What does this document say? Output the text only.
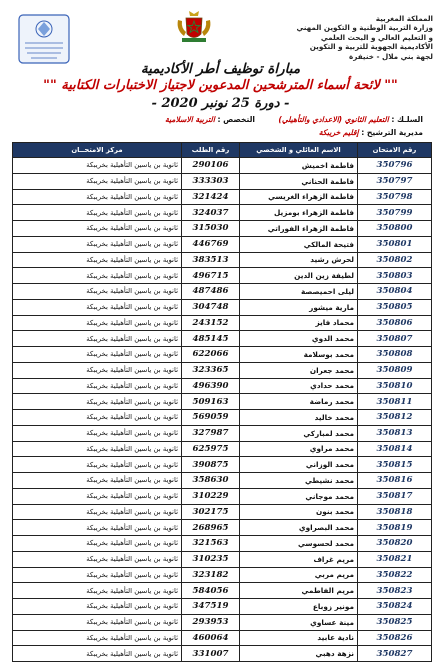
المملكة المغربية
وزارة التربية الوطنية و التكوين المهني
و التعليم العالي و البحث العلمي
الأكاديمية الجهوية للتربية و التكوين
لجهة بني ملال - خنيفرة
مباراة توظيف أطر الأكاديمية
"" لائحة أسماء المترشحين المدعوين لاجتياز الاختبارات الكتابية ""
- دورة 25 نونبر 2020 -
السلـك : التعليم الثانوي (الاعدادي والتأهيلي)  التخصص : التربية الاسلامية
مديرية الترشيح : إقليم خريبكة
رقم الامتحان	الاسم العائلي و الشخصي	رقم الطلب	مركز الامتحــان
350796	فاطمة اخميش	290106	ثانوية بن ياسين التأهيلية بخريبكة
350797	فاطمة الحناني	333303	ثانوية بن ياسين التأهيلية بخريبكة
350798	فاطمة الزهراء الغريسي	321424	ثانوية بن ياسين التأهيلية بخريبكة
350799	فاطمة الزهراء بومزيل	324037	ثانوية بن ياسين التأهيلية بخريبكة
350800	فاطمة الزهراء الفوراتي	315030	ثانوية بن ياسين التأهيلية بخريبكة
350801	فتيحة المالكي	446769	ثانوية بن ياسين التأهيلية بخريبكة
350802	لحرش رشيد	383513	ثانوية بن ياسين التأهيلية بخريبكة
350803	لطيفة زين الدين	496715	ثانوية بن ياسين التأهيلية بخريبكة
350804	ليلى احميصصة	487486	ثانوية بن ياسين التأهيلية بخريبكة
350805	مارية ميشور	304748	ثانوية بن ياسين التأهيلية بخريبكة
350806	محماد فايز	243152	ثانوية بن ياسين التأهيلية بخريبكة
350807	محمد الدوي	485145	ثانوية بن ياسين التأهيلية بخريبكة
350808	محمد بوسلامة	622066	ثانوية بن ياسين التأهيلية بخريبكة
350809	محمد جعران	323365	ثانوية بن ياسين التأهيلية بخريبكة
350810	محمد حدادي	496390	ثانوية بن ياسين التأهيلية بخريبكة
350811	محمد رماضة	509163	ثانوية بن ياسين التأهيلية بخريبكة
350812	محمد خاليد	569059	ثانوية بن ياسين التأهيلية بخريبكة
350813	محمد لمباركي	327987	ثانوية بن ياسين التأهيلية بخريبكة
350814	محمد مراوي	625975	ثانوية بن ياسين التأهيلية بخريبكة
350815	محمد الوزاني	390875	ثانوية بن ياسين التأهيلية بخريبكة
350816	محمد نشيطي	358630	ثانوية بن ياسين التأهيلية بخريبكة
350817	محمد موجاني	310229	ثانوية بن ياسين التأهيلية بخريبكة
350818	محمد بنون	302175	ثانوية بن ياسين التأهيلية بخريبكة
350819	محمد البصراوي	268965	ثانوية بن ياسين التأهيلية بخريبكة
350820	محمد لحسوسي	321563	ثانوية بن ياسين التأهيلية بخريبكة
350821	مريم غراف	310235	ثانوية بن ياسين التأهيلية بخريبكة
350822	مريم مربي	323182	ثانوية بن ياسين التأهيلية بخريبكة
350823	مريم الفاطمي	584056	ثانوية بن ياسين التأهيلية بخريبكة
350824	مونير زوباع	347519	ثانوية بن ياسين التأهيلية بخريبكة
350825	مينة عساوي	293953	ثانوية بن ياسين التأهيلية بخريبكة
350826	نادية عابيد	460064	ثانوية بن ياسين التأهيلية بخريبكة
350827	نزهة دهبي	331007	ثانوية بن ياسين التأهيلية بخريبكة
